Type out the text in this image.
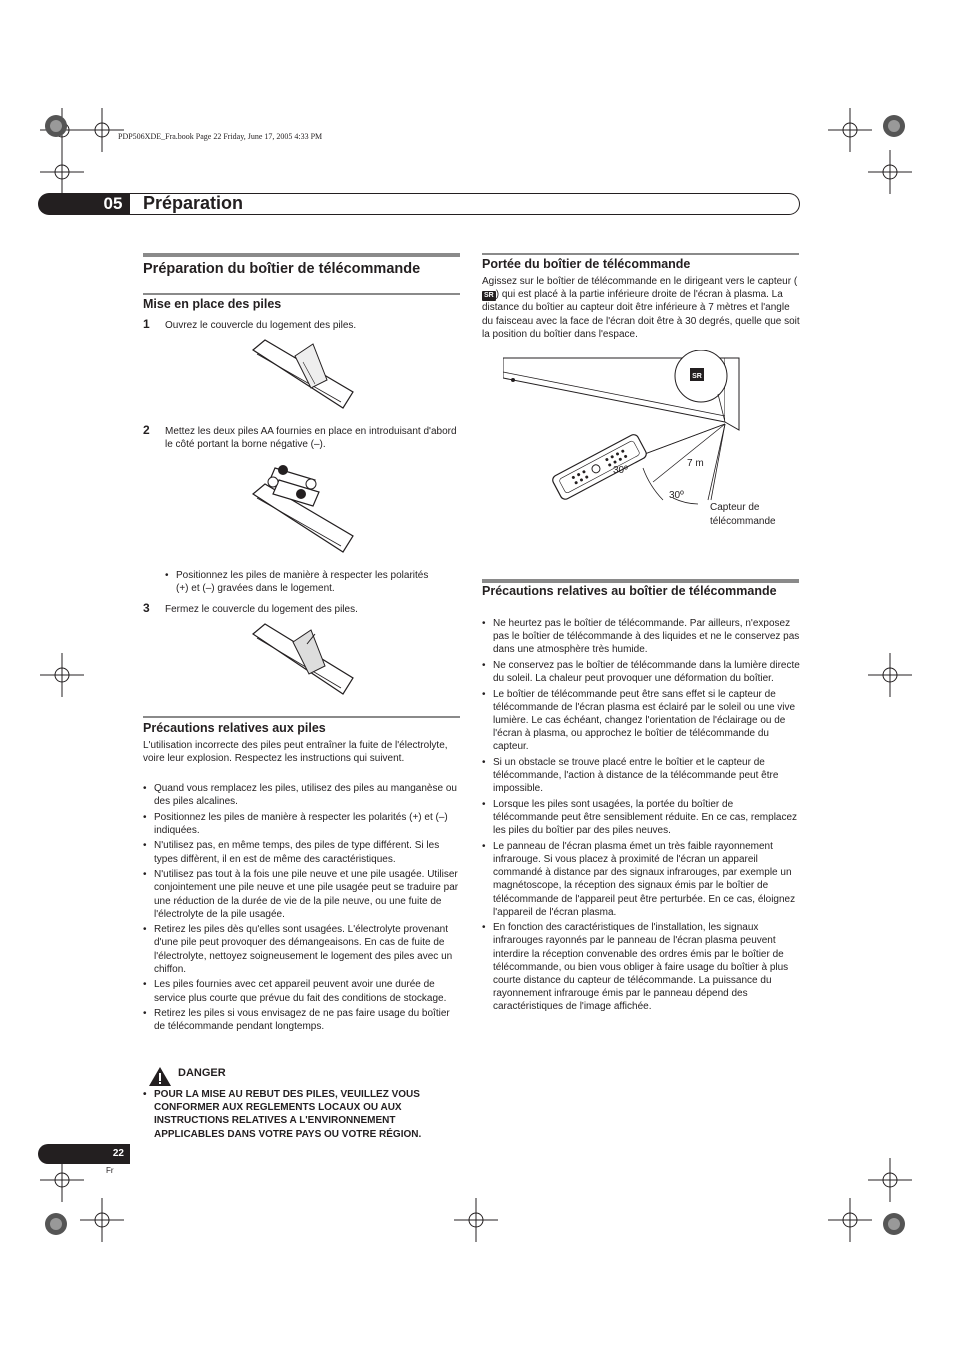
PDP506XDE_Fra.book Page 22 Friday, June 17, 2005 4:33 PM
05	Préparation
Préparation du boîtier de télécommande
Mise en place des piles
1 Ouvrez le couvercle du logement des piles.
2 Mettez les deux piles AA fournies en place en introduisant d'abord le côté portant la borne négative (–).
• Positionnez les piles de manière à respecter les polarités (+) et (–) gravées dans le logement.
3 Fermez le couvercle du logement des piles.
Précautions relatives aux piles
L'utilisation incorrecte des piles peut entraîner la fuite de l'électrolyte, voire leur explosion. Respectez les instructions qui suivent.
• Quand vous remplacez les piles, utilisez des piles au manganèse ou des piles alcalines.
• Positionnez les piles de manière à respecter les polarités (+) et (–) indiquées.
• N'utilisez pas, en même temps, des piles de type différent. Si les types diffèrent, il en est de même des caractéristiques.
• N'utilisez pas tout à la fois une pile neuve et une pile usagée. Utiliser conjointement une pile neuve et une pile usagée peut se traduire par une réduction de la durée de vie de la pile neuve, ou une fuite de l'électrolyte de la pile usagée.
• Retirez les piles dès qu'elles sont usagées. L'électrolyte provenant d'une pile peut provoquer des démangeaisons. En cas de fuite de l'électrolyte, nettoyez soigneusement le logement des piles avec un chiffon.
• Les piles fournies avec cet appareil peuvent avoir une durée de service plus courte que prévue du fait des conditions de stockage.
• Retirez les piles si vous envisagez de ne pas faire usage du boîtier de télécommande pendant longtemps.
DANGER
• POUR LA MISE AU REBUT DES PILES, VEUILLEZ VOUS CONFORMER AUX REGLEMENTS LOCAUX OU AUX INSTRUCTIONS RELATIVES A L'ENVIRONNEMENT APPLICABLES DANS VOTRE PAYS OU VOTRE RÉGION.
Portée du boîtier de télécommande
Agissez sur le boîtier de télécommande en le dirigeant vers le capteur (SR ) qui est placé à la partie inférieure droite de l'écran à plasma. La distance du boîtier au capteur doit être inférieure à 7 mètres et l'angle du faisceau avec la face de l'écran doit être à 30 degrés, quelle que soit la position du boîtier dans l'espace.
SR
30º
30º
7 m
Capteur de
télécommande
Précautions relatives au boîtier de télécommande
• Ne heurtez pas le boîtier de télécommande. Par ailleurs, n'exposez pas le boîtier de télécommande à des liquides et ne le conservez pas dans une atmosphère très humide.
• Ne conservez pas le boîtier de télécommande dans la lumière directe du soleil. La chaleur peut provoquer une déformation du boîtier.
• Le boîtier de télécommande peut être sans effet si le capteur de télécommande de l'écran plasma est éclairé par le soleil ou une vive lumière. Le cas échéant, changez l'orientation de l'éclairage ou de l'écran à plasma, ou approchez le boîtier de télécommande du capteur.
• Si un obstacle se trouve placé entre le boîtier et le capteur de télécommande, l'action à distance de la télécommande peut être impossible.
• Lorsque les piles sont usagées, la portée du boîtier de télécommande peut être sensiblement réduite. En ce cas, remplacez les piles du boîtier par des piles neuves.
• Le panneau de l'écran plasma émet un très faible rayonnement infrarouge. Si vous placez à proximité de l'écran un appareil commandé à distance par des signaux infrarouges, par exemple un magnétoscope, la réception des signaux émis par le boîtier de télécommande de l'appareil peut être perturbée. En ce cas, éloignez l'appareil de l'écran plasma.
• En fonction des caractéristiques de l'installation, les signaux infrarouges rayonnés par le panneau de l'écran plasma peuvent interdire la réception convenable des ordres émis par le boîtier de télécommande, ou bien vous obliger à faire usage du boîtier à plus courte distance du capteur de télécommande. La puissance du rayonnement infrarouge émis par le panneau dépend des caractéristiques de l'image affichée.
22
Fr
